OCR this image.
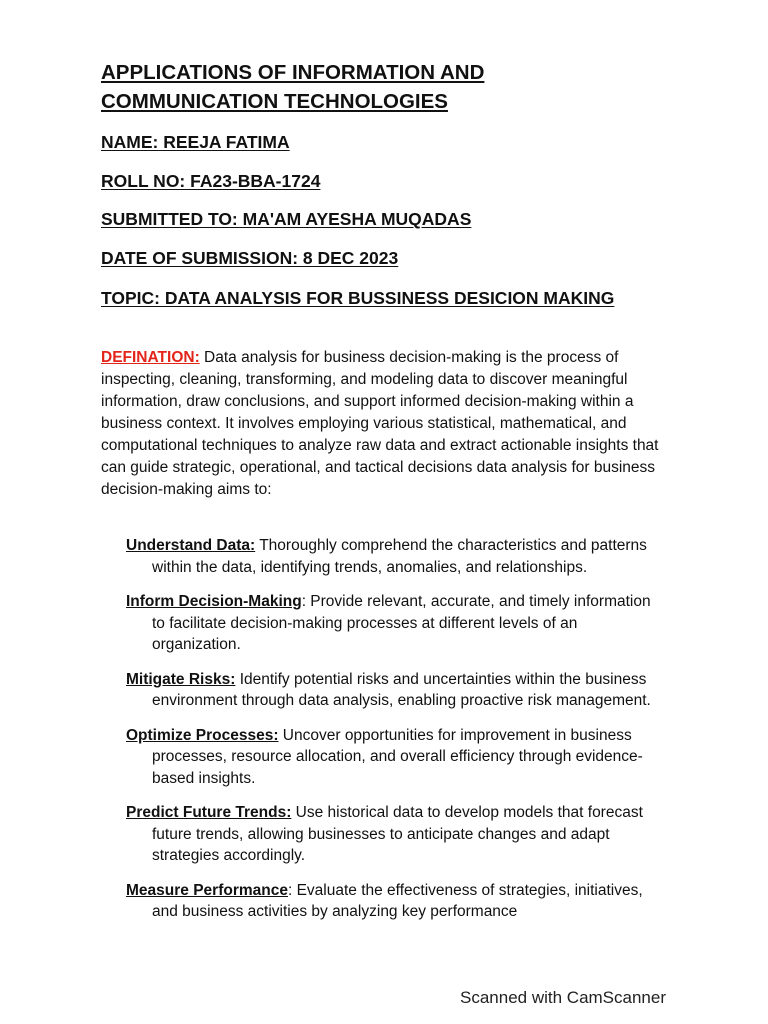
APPLICATIONS OF INFORMATION AND COMMUNICATION TECHNOLOGIES

NAME: REEJA FATIMA

ROLL NO: FA23-BBA-1724

SUBMITTED TO: MA'AM AYESHA MUQADAS

DATE OF SUBMISSION: 8 DEC 2023

TOPIC: DATA ANALYSIS FOR BUSSINESS DESICION MAKING

DEFINATION: Data analysis for business decision-making is the process of inspecting, cleaning, transforming, and modeling data to discover meaningful information, draw conclusions, and support informed decision-making within a business context. It involves employing various statistical, mathematical, and computational techniques to analyze raw data and extract actionable insights that can guide strategic, operational, and tactical decisions data analysis for business decision-making aims to:

Understand Data: Thoroughly comprehend the characteristics and patterns within the data, identifying trends, anomalies, and relationships.
Inform Decision-Making: Provide relevant, accurate, and timely information to facilitate decision-making processes at different levels of an organization.
Mitigate Risks: Identify potential risks and uncertainties within the business environment through data analysis, enabling proactive risk management.
Optimize Processes: Uncover opportunities for improvement in business processes, resource allocation, and overall efficiency through evidence-based insights.
Predict Future Trends: Use historical data to develop models that forecast future trends, allowing businesses to anticipate changes and adapt strategies accordingly.
Measure Performance: Evaluate the effectiveness of strategies, initiatives, and business activities by analyzing key performance
Scanned with CamScanner
